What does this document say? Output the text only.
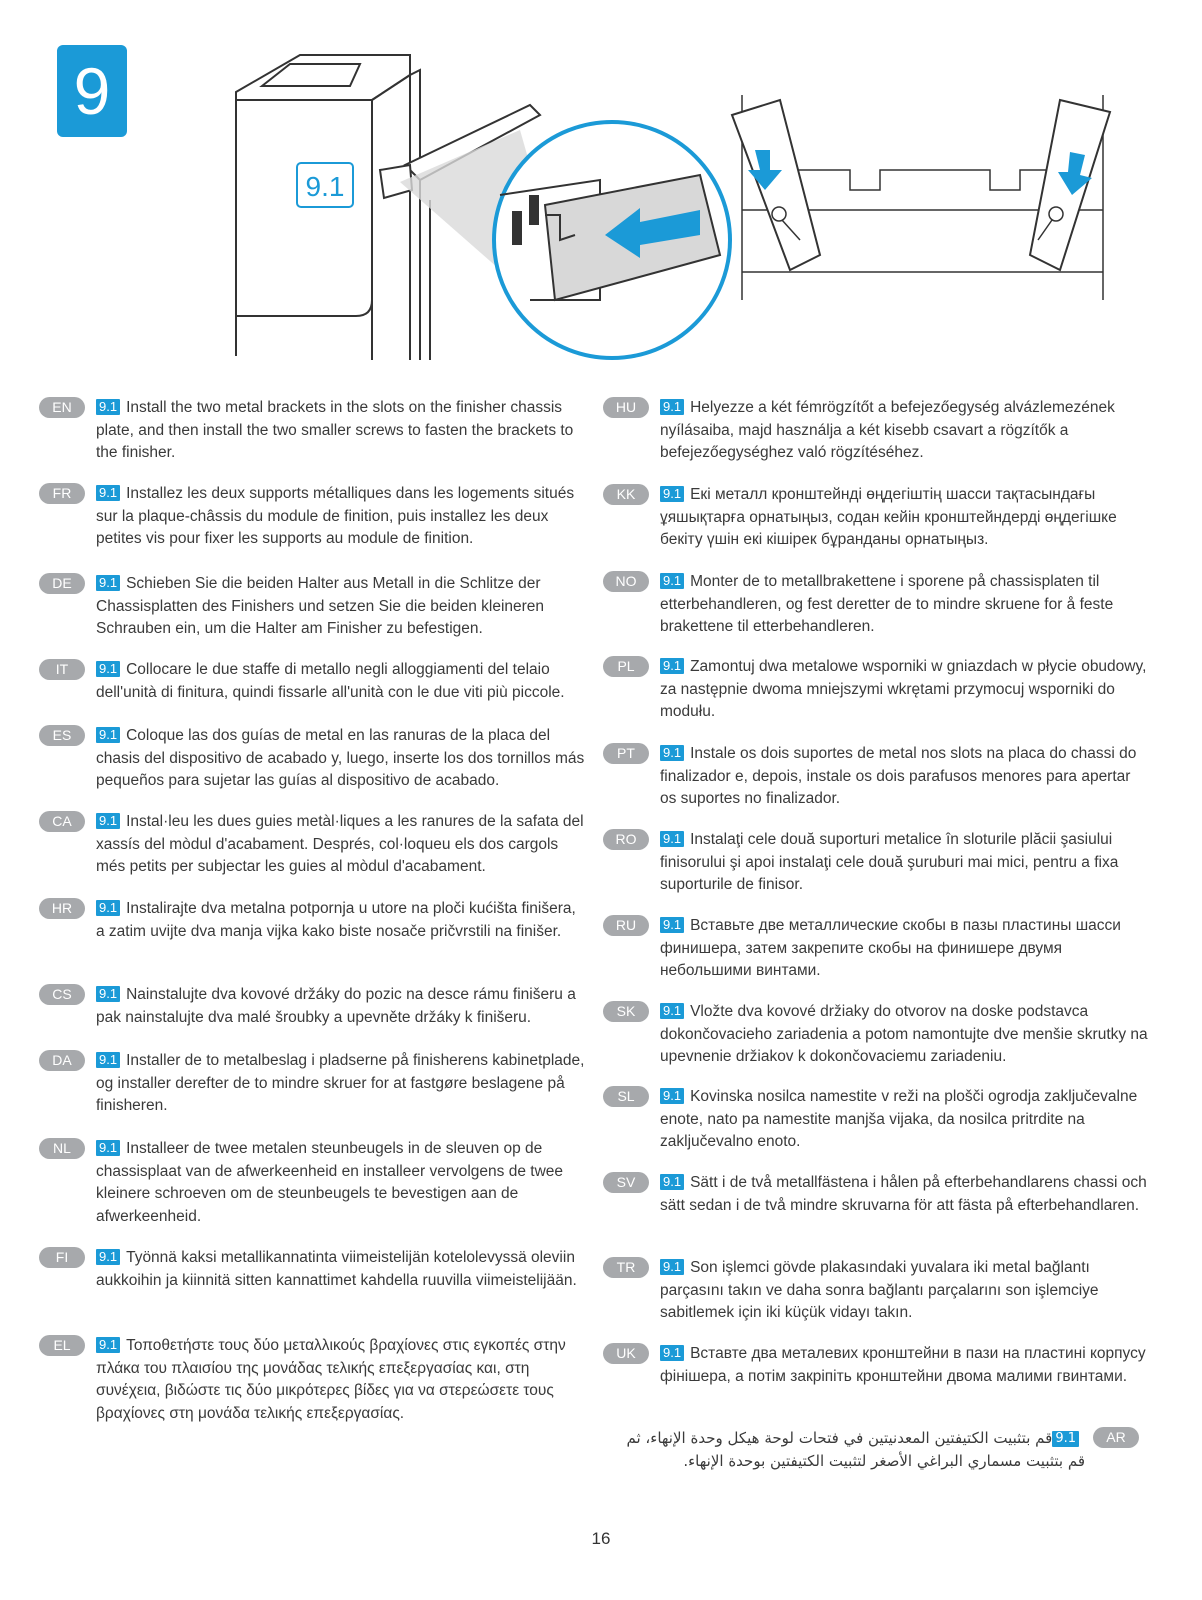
9
9.1
EN	9.1 Install the two metal brackets in the slots on the finisher chassis plate, and then install the two smaller screws to fasten the brackets to the finisher.

FR	9.1 Installez les deux supports métalliques dans les logements situés sur la plaque-châssis du module de finition, puis installez les deux petites vis pour fixer les supports au module de finition.

DE	9.1 Schieben Sie die beiden Halter aus Metall in die Schlitze der Chassisplatten des Finishers und setzen Sie die beiden kleineren Schrauben ein, um die Halter am Finisher zu befestigen.

IT	9.1 Collocare le due staffe di metallo negli alloggiamenti del telaio dell'unità di finitura, quindi fissarle all'unità con le due viti più piccole.

ES	9.1 Coloque las dos guías de metal en las ranuras de la placa del chasis del dispositivo de acabado y, luego, inserte los dos tornillos más pequeños para sujetar las guías al dispositivo de acabado.

CA	9.1 Instal·leu les dues guies metàl·liques a les ranures de la safata del xassís del mòdul d'acabament. Després, col·loqueu els dos cargols més petits per subjectar les guies al mòdul d'acabament.

HR	9.1 Instalirajte dva metalna potpornja u utore na ploči kućišta finišera, a zatim uvijte dva manja vijka kako biste nosače pričvrstili na finišer.

CS	9.1 Nainstalujte dva kovové držáky do pozic na desce rámu finišeru a pak nainstalujte dva malé šroubky a upevněte držáky k finišeru.

DA	9.1 Installer de to metalbeslag i pladserne på finisherens kabinetplade, og installer derefter de to mindre skruer for at fastgøre beslagene på finisheren.

NL	9.1 Installeer de twee metalen steunbeugels in de sleuven op de chassisplaat van de afwerkeenheid en installeer vervolgens de twee kleinere schroeven om de steunbeugels te bevestigen aan de afwerkeenheid.

FI	9.1 Työnnä kaksi metallikannatinta viimeistelijän kotelolevyssä oleviin aukkoihin ja kiinnitä sitten kannattimet kahdella ruuvilla viimeistelijään.

EL	9.1 Τοποθετήστε τους δύο μεταλλικούς βραχίονες στις εγκοπές στην πλάκα του πλαισίου της μονάδας τελικής επεξεργασίας και, στη συνέχεια, βιδώστε τις δύο μικρότερες βίδες για να στερεώσετε τους βραχίονες στη μονάδα τελικής επεξεργασίας.

HU	9.1 Helyezze a két fémrögzítőt a befejezőegység alvázlemezének nyílásaiba, majd használja a két kisebb csavart a rögzítők a befejezőegységhez való rögzítéséhez.

KK	9.1 Екі металл кронштейнді өңдегіштің шасси тақтасындағы ұяшықтарға орнатыңыз, содан кейін кронштейндерді өңдегішке бекіту үшін екі кішірек бұранданы орнатыңыз.

NO	9.1 Monter de to metallbrakettene i sporene på chassisplaten til etterbehandleren, og fest deretter de to mindre skruene for å feste brakettene til etterbehandleren.

PL	9.1 Zamontuj dwa metalowe wsporniki w gniazdach w płycie obudowy, za następnie dwoma mniejszymi wkrętami przymocuj wsporniki do modułu.

PT	9.1 Instale os dois suportes de metal nos slots na placa do chassi do finalizador e, depois, instale os dois parafusos menores para apertar os suportes no finalizador.

RO	9.1 Instalaţi cele două suporturi metalice în sloturile plăcii şasiului finisorului şi apoi instalaţi cele două şuruburi mai mici, pentru a fixa suporturile de finisor.

RU	9.1 Вставьте две металлические скобы в пазы пластины шасси финишера, затем закрепите скобы на финишере двумя небольшими винтами.

SK	9.1 Vložte dva kovové držiaky do otvorov na doske podstavca dokončovacieho zariadenia a potom namontujte dve menšie skrutky na upevnenie držiakov k dokončovaciemu zariadeniu.

SL	9.1 Kovinska nosilca namestite v reži na plošči ogrodja zaključevalne enote, nato pa namestite manjša vijaka, da nosilca pritrdite na zaključevalno enoto.

SV	9.1 Sätt i de två metallfästena i hålen på efterbehandlarens chassi och sätt sedan i de två mindre skruvarna för att fästa på efterbehandlaren.

TR	9.1 Son işlemci gövde plakasındaki yuvalara iki metal bağlantı parçasını takın ve daha sonra bağlantı parçalarını son işlemciye sabitlemek için iki küçük vidayı takın.

UK	9.1 Вставте два металевих кронштейни в пази на пластині корпусу фінішера, а потім закріпіть кронштейни двома малими гвинтами.

AR

9.1قم بتثبيت الكتيفتين المعدنيتين في فتحات لوحة هيكل وحدة الإنهاء، ثم قم بتثبيت مسماري البراغي الأصغر لتثبيت الكتيفتين بوحدة الإنهاء.

16
